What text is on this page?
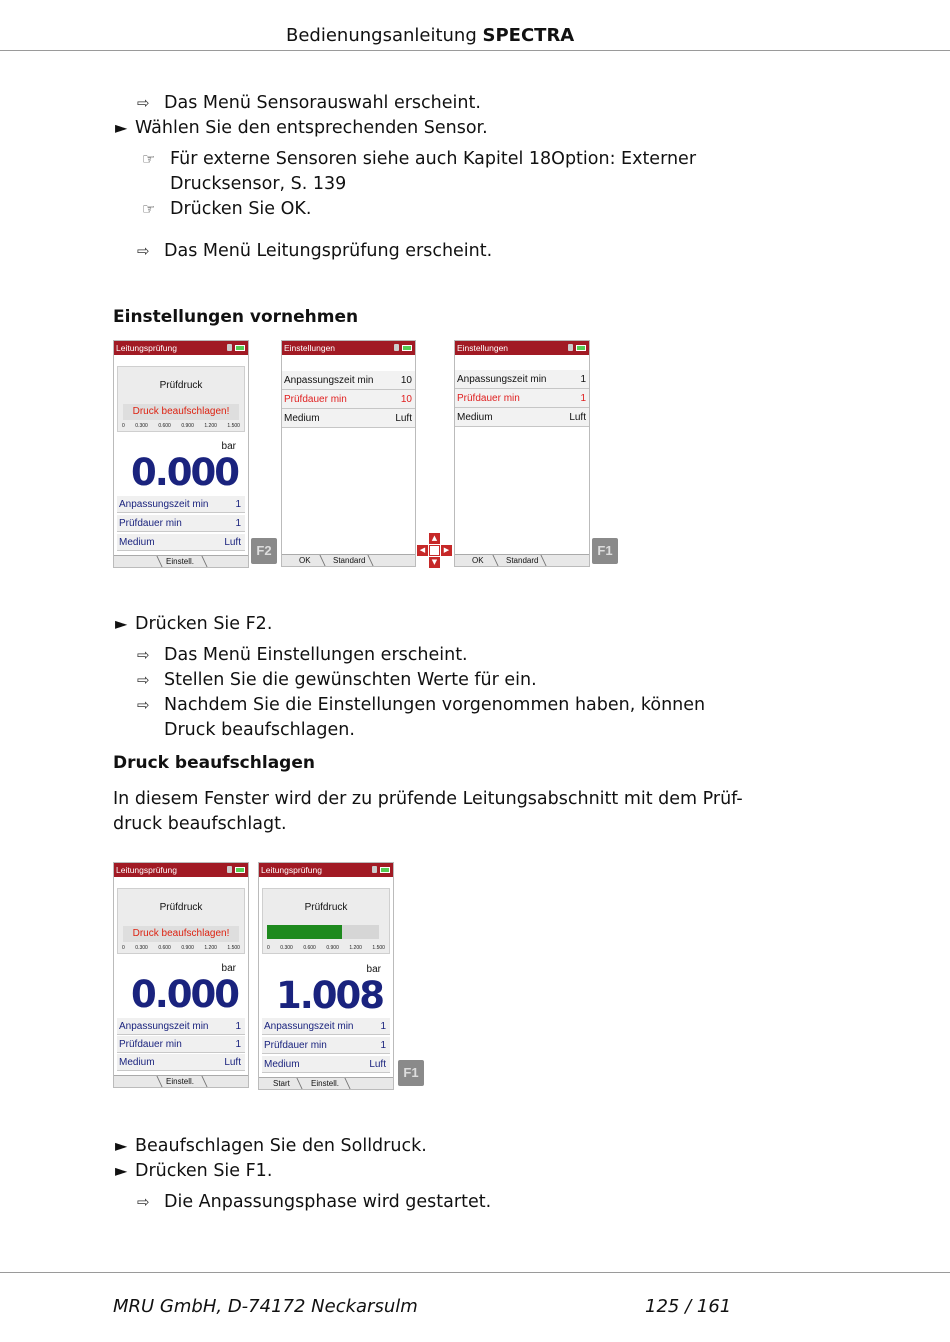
Bedienungsanleitung SPECTRA
⇨ Das Menü Sensorauswahl erscheint.
► Wählen Sie den entsprechenden Sensor.
☞ Für externe Sensoren siehe auch Kapitel 18Option: Externer
Drucksensor, S. 139
☞ Drücken Sie OK.
⇨ Das Menü Leitungsprüfung erscheint.
Einstellungen vornehmen
Leitungsprüfung
Prüfdruck
Druck beaufschlagen!
0 0.300 0.600 0.900 1.200 1.500
bar
0.000
Anpassungszeit min	1
Prüfdauer min	1
Medium	Luft
Einstell.
F2
Einstellungen
Anpassungszeit min	10
Prüfdauer min	10
Medium	Luft
OK	Standard
▲
◀	▶
▼
Einstellungen
Anpassungszeit min	1
Prüfdauer min	1
Medium	Luft
OK	Standard
F1
► Drücken Sie F2.
⇨ Das Menü Einstellungen erscheint.
⇨ Stellen Sie die gewünschten Werte für ein.
⇨ Nachdem Sie die Einstellungen vorgenommen haben, können
Druck beaufschlagen.
Druck beaufschlagen
In diesem Fenster wird der zu prüfende Leitungsabschnitt mit dem Prüf-
druck beaufschlagt.
Leitungsprüfung
Prüfdruck
Druck beaufschlagen!
0 0.300 0.600 0.900 1.200 1.500
bar
0.000
Anpassungszeit min	1
Prüfdauer min	1
Medium	Luft
Einstell.
Leitungsprüfung
Prüfdruck
0 0.300 0.600 0.900 1.200 1.500
bar
1.008
Anpassungszeit min	1
Prüfdauer min	1
Medium	Luft
Start	Einstell.
F1
► Beaufschlagen Sie den Solldruck.
► Drücken Sie F1.
⇨ Die Anpassungsphase wird gestartet.
MRU GmbH, D-74172 Neckarsulm	125 / 161
